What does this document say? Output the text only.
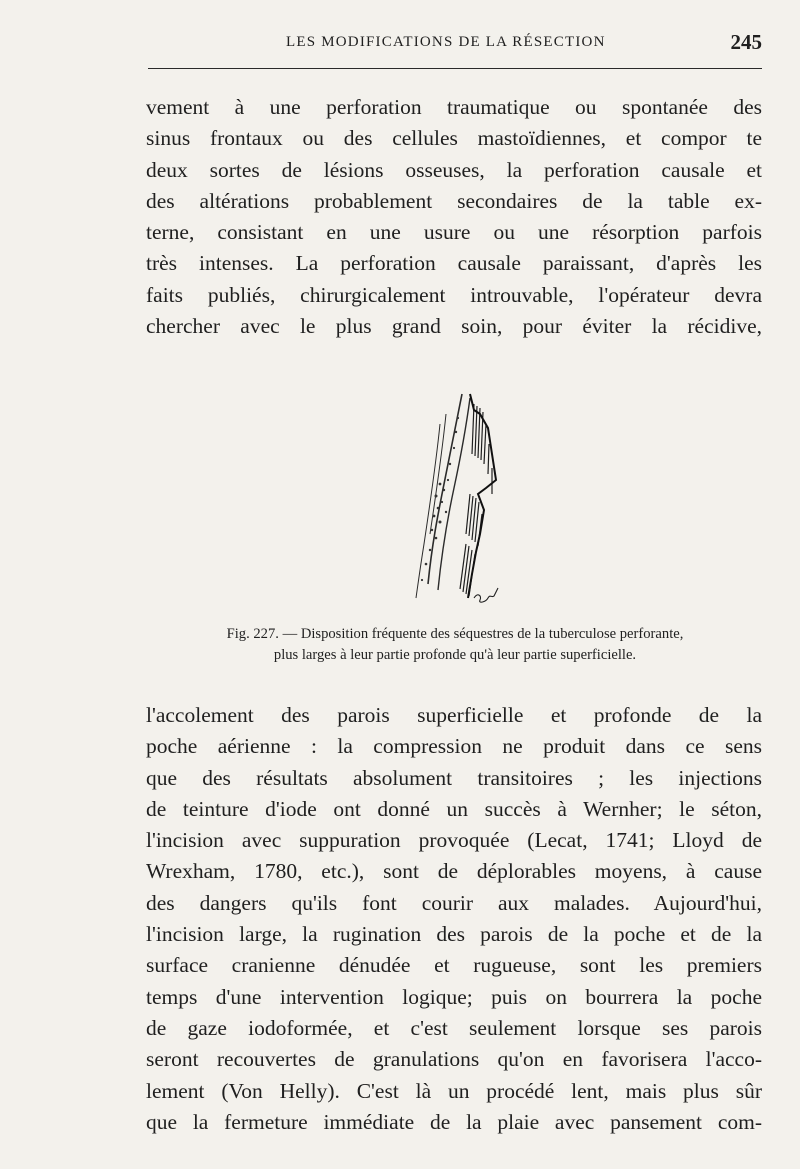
LES MODIFICATIONS DE LA RÉSECTION	245
vement à une perforation traumatique ou spontanée des
sinus frontaux ou des cellules mastoïdiennes, et compor te
deux sortes de lésions osseuses, la perforation causale et
des altérations probablement secondaires de la table ex-
terne, consistant en une usure ou une résorption parfois
très intenses. La perforation causale paraissant, d'après les
faits publiés, chirurgicalement introuvable, l'opérateur devra
chercher avec le plus grand soin, pour éviter la récidive,
Fig. 227. — Disposition fréquente des séquestres de la tuberculose perforante,
plus larges à leur partie profonde qu'à leur partie superficielle.
l'accolement des parois superficielle et profonde de la
poche aérienne : la compression ne produit dans ce sens
que des résultats absolument transitoires ; les injections
de teinture d'iode ont donné un succès à Wernher; le séton,
l'incision avec suppuration provoquée (Lecat, 1741; Lloyd de
Wrexham, 1780, etc.), sont de déplorables moyens, à cause
des dangers qu'ils font courir aux malades. Aujourd'hui,
l'incision large, la rugination des parois de la poche et de la
surface cranienne dénudée et rugueuse, sont les premiers
temps d'une intervention logique; puis on bourrera la poche
de gaze iodoformée, et c'est seulement lorsque ses parois
seront recouvertes de granulations qu'on en favorisera l'acco-
lement (Von Helly). C'est là un procédé lent, mais plus sûr
que la fermeture immédiate de la plaie avec pansement com-
